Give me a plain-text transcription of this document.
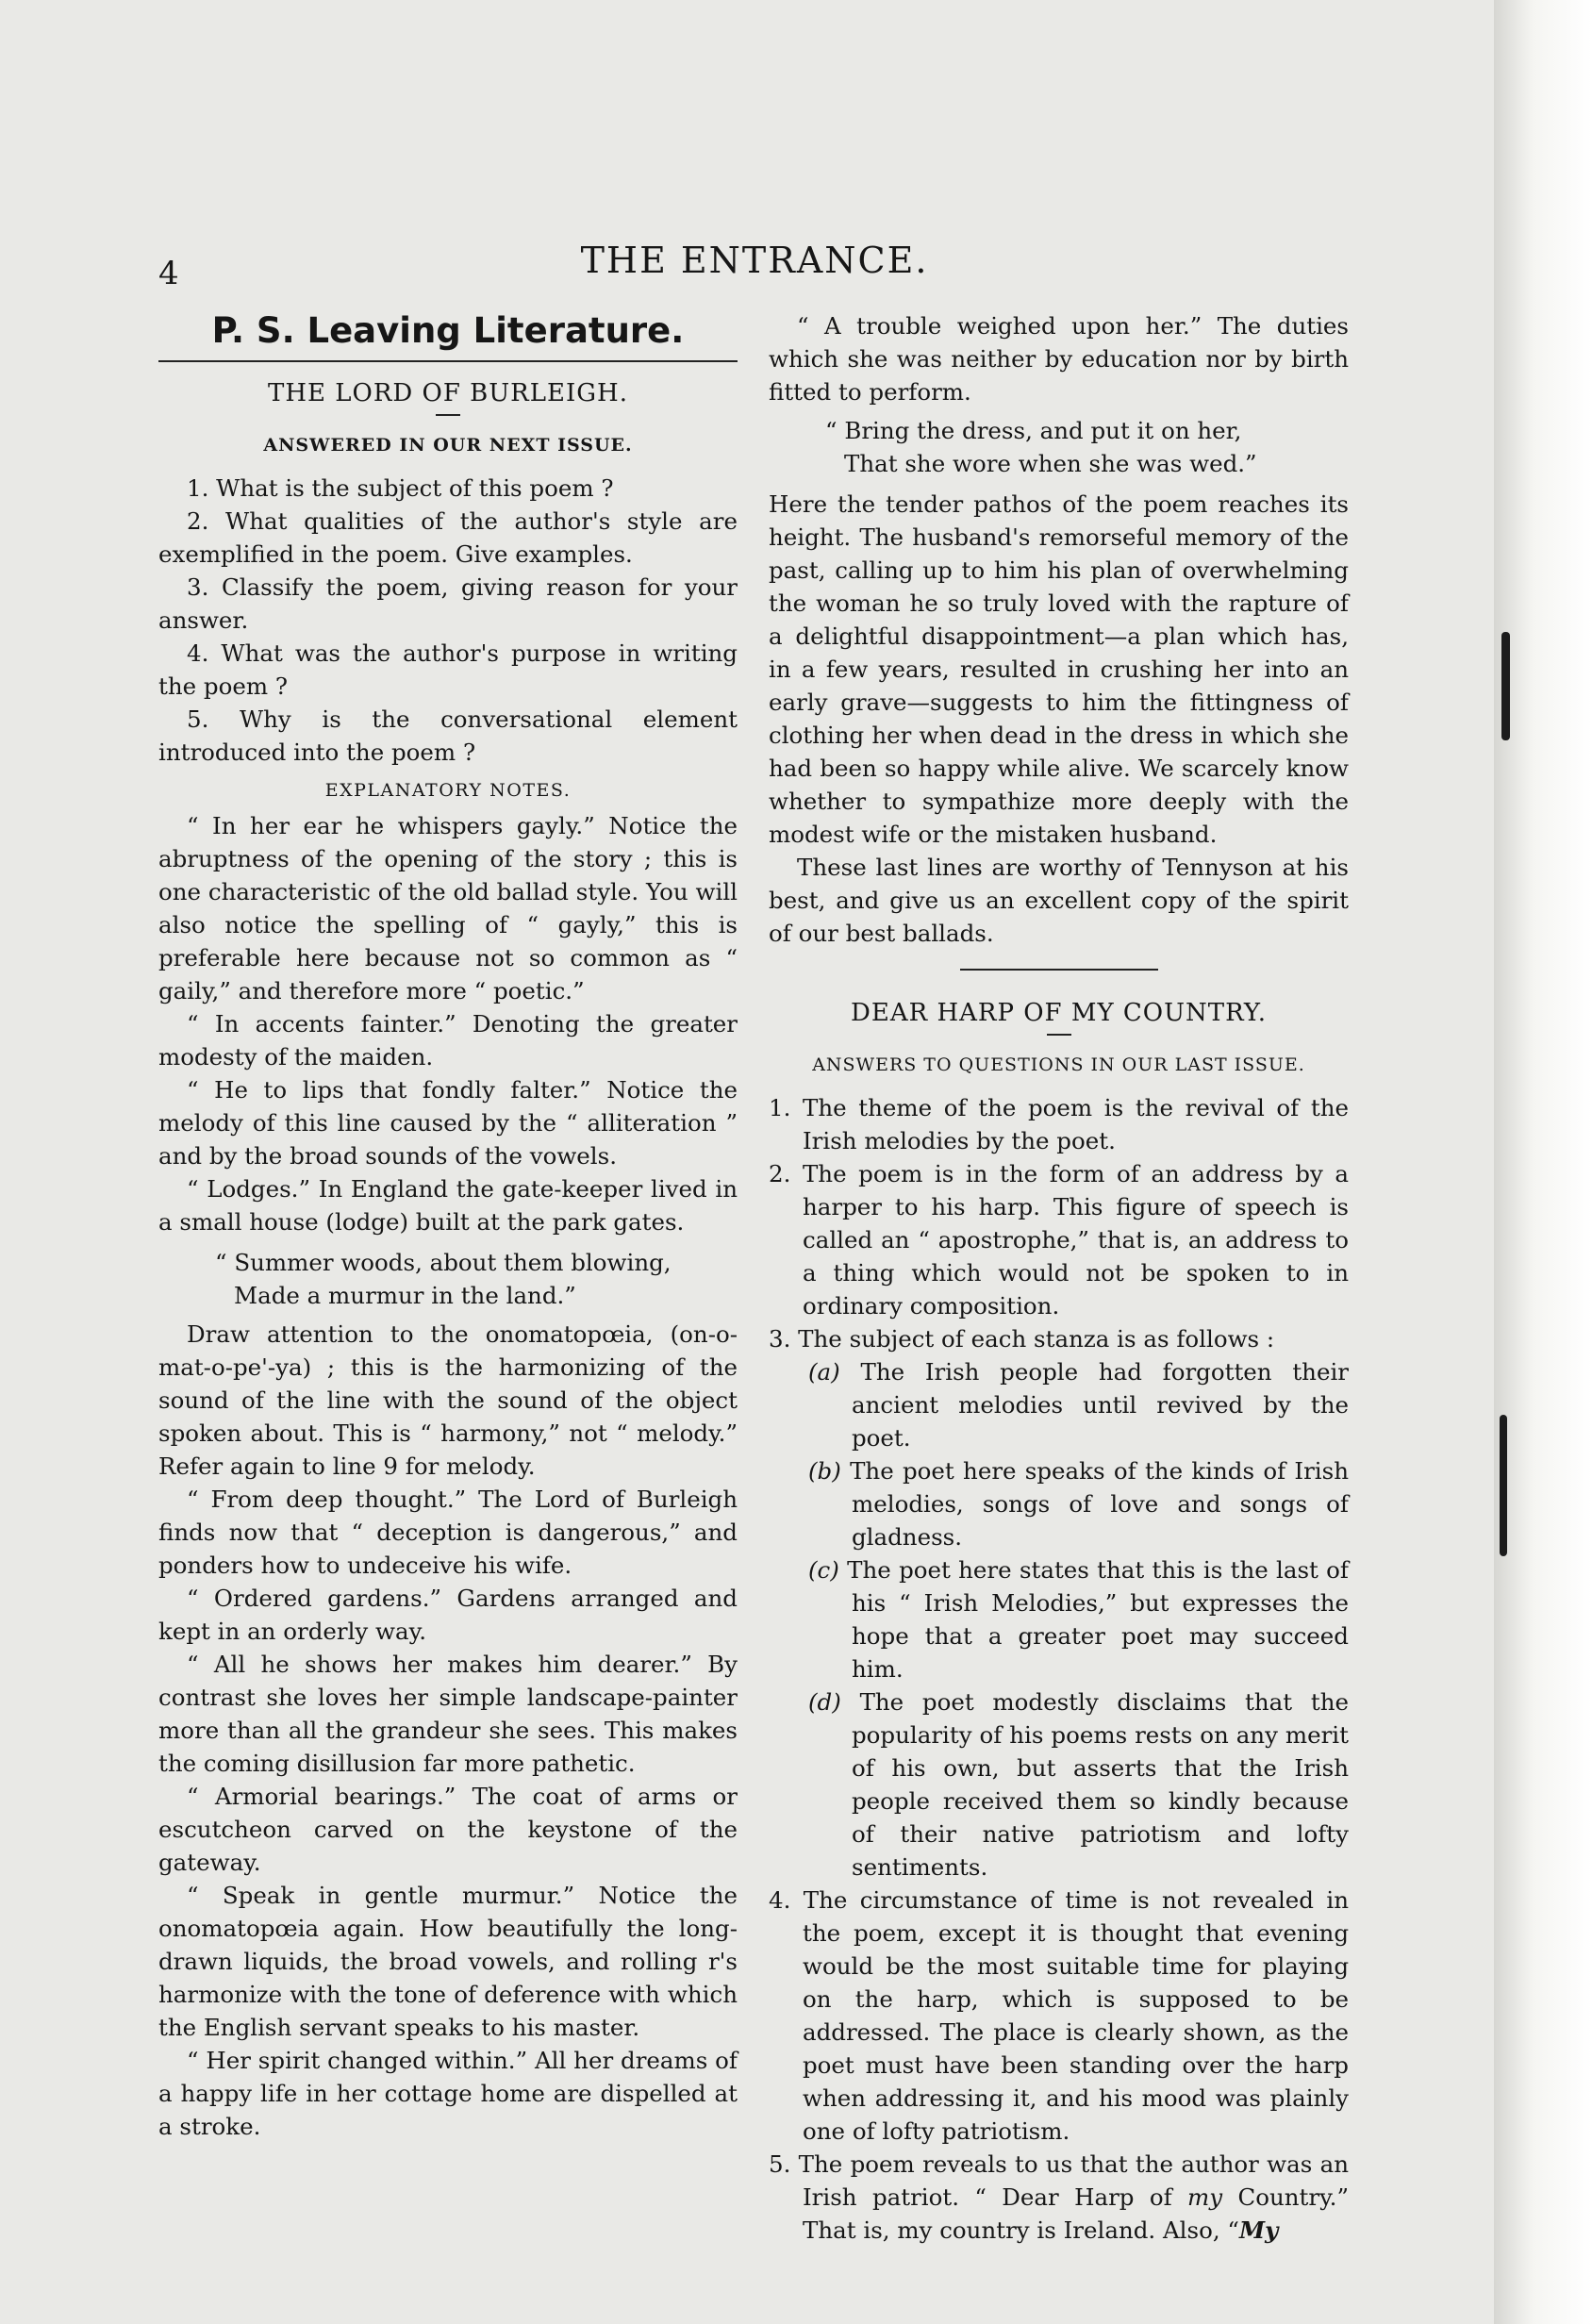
4	THE ENTRANCE.
P. S. Leaving Literature.
THE LORD OF BURLEIGH.
ANSWERED IN OUR NEXT ISSUE.

1. What is the subject of this poem ?

2. What qualities of the author's style are exemplified in the poem. Give examples.

3. Classify the poem, giving reason for your answer.

4. What was the author's purpose in writing the poem ?

5. Why is the conversational element introduced into the poem ?

EXPLANATORY NOTES.

“ In her ear he whispers gayly.” Notice the abruptness of the opening of the story ; this is one characteristic of the old ballad style. You will also notice the spelling of “ gayly,” this is preferable here because not so common as “ gaily,” and therefore more “ poetic.”

“ In accents fainter.” Denoting the greater modesty of the maiden.

“ He to lips that fondly falter.” Notice the melody of this line caused by the “ alliteration ” and by the broad sounds of the vowels.

“ Lodges.” In England the gate-keeper lived in a small house (lodge) built at the park gates.

“ Summer woods, about them blowing,

Made a murmur in the land.”

Draw attention to the onomatopœia, (on-o-mat-o-pe'-ya) ; this is the harmonizing of the sound of the line with the sound of the object spoken about. This is “ harmony,” not “ melody.” Refer again to line 9 for melody.

“ From deep thought.” The Lord of Burleigh finds now that “ deception is dangerous,” and ponders how to undeceive his wife.

“ Ordered gardens.” Gardens arranged and kept in an orderly way.

“ All he shows her makes him dearer.” By contrast she loves her simple landscape-painter more than all the grandeur she sees. This makes the coming disillusion far more pathetic.

“ Armorial bearings.” The coat of arms or escutcheon carved on the keystone of the gateway.

“ Speak in gentle murmur.” Notice the onomatopœia again. How beautifully the long-drawn liquids, the broad vowels, and rolling r's harmonize with the tone of deference with which the English servant speaks to his master.

“ Her spirit changed within.” All her dreams of a happy life in her cottage home are dispelled at a stroke.

“ A trouble weighed upon her.” The duties which she was neither by education nor by birth fitted to perform.

“ Bring the dress, and put it on her,

That she wore when she was wed.”

Here the tender pathos of the poem reaches its height. The husband's remorseful memory of the past, calling up to him his plan of overwhelming the woman he so truly loved with the rapture of a delightful disappointment—a plan which has, in a few years, resulted in crushing her into an early grave—suggests to him the fittingness of clothing her when dead in the dress in which she had been so happy while alive. We scarcely know whether to sympathize more deeply with the modest wife or the mistaken husband.

These last lines are worthy of Tennyson at his best, and give us an excellent copy of the spirit of our best ballads.

DEAR HARP OF MY COUNTRY.
ANSWERS TO QUESTIONS IN OUR LAST ISSUE.

1. The theme of the poem is the revival of the Irish melodies by the poet.

2. The poem is in the form of an address by a harper to his harp. This figure of speech is called an “ apostrophe,” that is, an address to a thing which would not be spoken to in ordinary composition.

3. The subject of each stanza is as follows :

(a) The Irish people had forgotten their ancient melodies until revived by the poet.

(b) The poet here speaks of the kinds of Irish melodies, songs of love and songs of gladness.

(c) The poet here states that this is the last of his “ Irish Melodies,” but expresses the hope that a greater poet may succeed him.

(d) The poet modestly disclaims that the popularity of his poems rests on any merit of his own, but asserts that the Irish people received them so kindly because of their native patriotism and lofty sentiments.

4. The circumstance of time is not revealed in the poem, except it is thought that evening would be the most suitable time for playing on the harp, which is supposed to be addressed. The place is clearly shown, as the poet must have been standing over the harp when addressing it, and his mood was plainly one of lofty patriotism.

5. The poem reveals to us that the author was an Irish patriot. “ Dear Harp of my Country.” That is, my country is Ireland. Also, “My
